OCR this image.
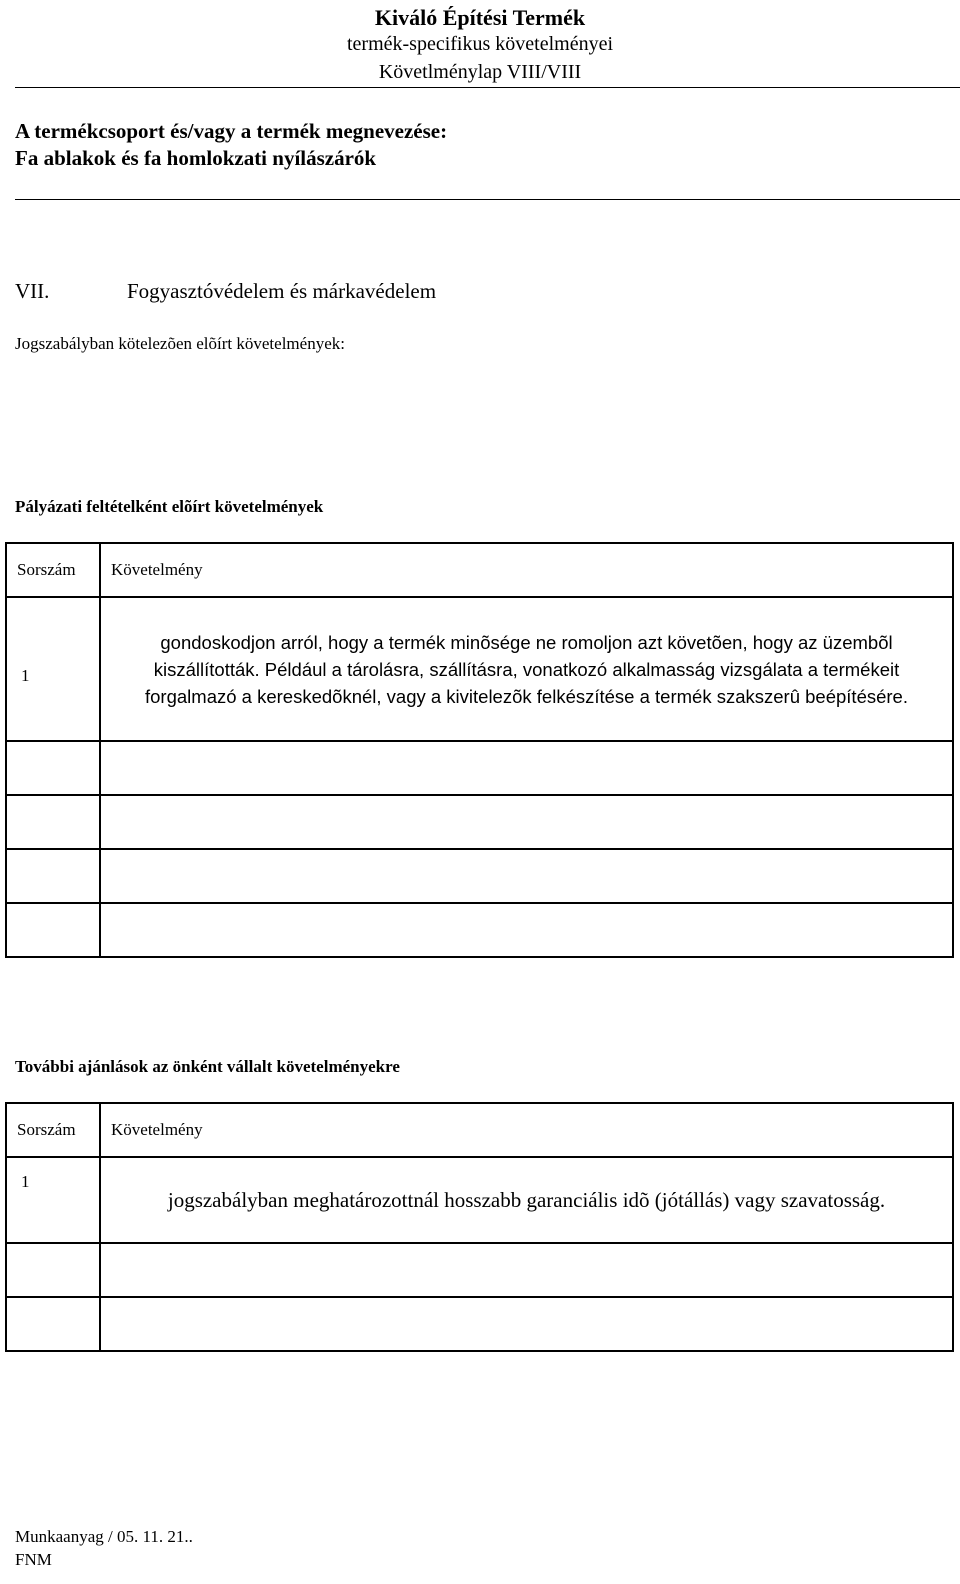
Kiváló Építési Termék
termék-specifikus követelményei
Követlménylap VIII/VIII
A termékcsoport és/vagy a termék megnevezése:
Fa ablakok és fa homlokzati nyílászárók
VII.	Fogyasztóvédelem és márkavédelem
Jogszabályban kötelezõen elõírt követelmények:
Pályázati feltételként elõírt követelmények
Sorszám	Követelmény
1	gondoskodjon arról, hogy a termék minõsége ne romoljon azt követõen, hogy az üzembõl kiszállították. Például a tárolásra, szállításra, vonatkozó alkalmasság vizsgálata a termékeit forgalmazó a kereskedõknél, vagy a kivitelezõk felkészítése a termék szakszerû beépítésére.

További ajánlások az önként vállalt követelményekre
Sorszám	Követelmény
1	jogszabályban meghatározottnál hosszabb garanciális idõ (jótállás) vagy szavatosság.

Munkaanyag / 05. 11. 21..
FNM
